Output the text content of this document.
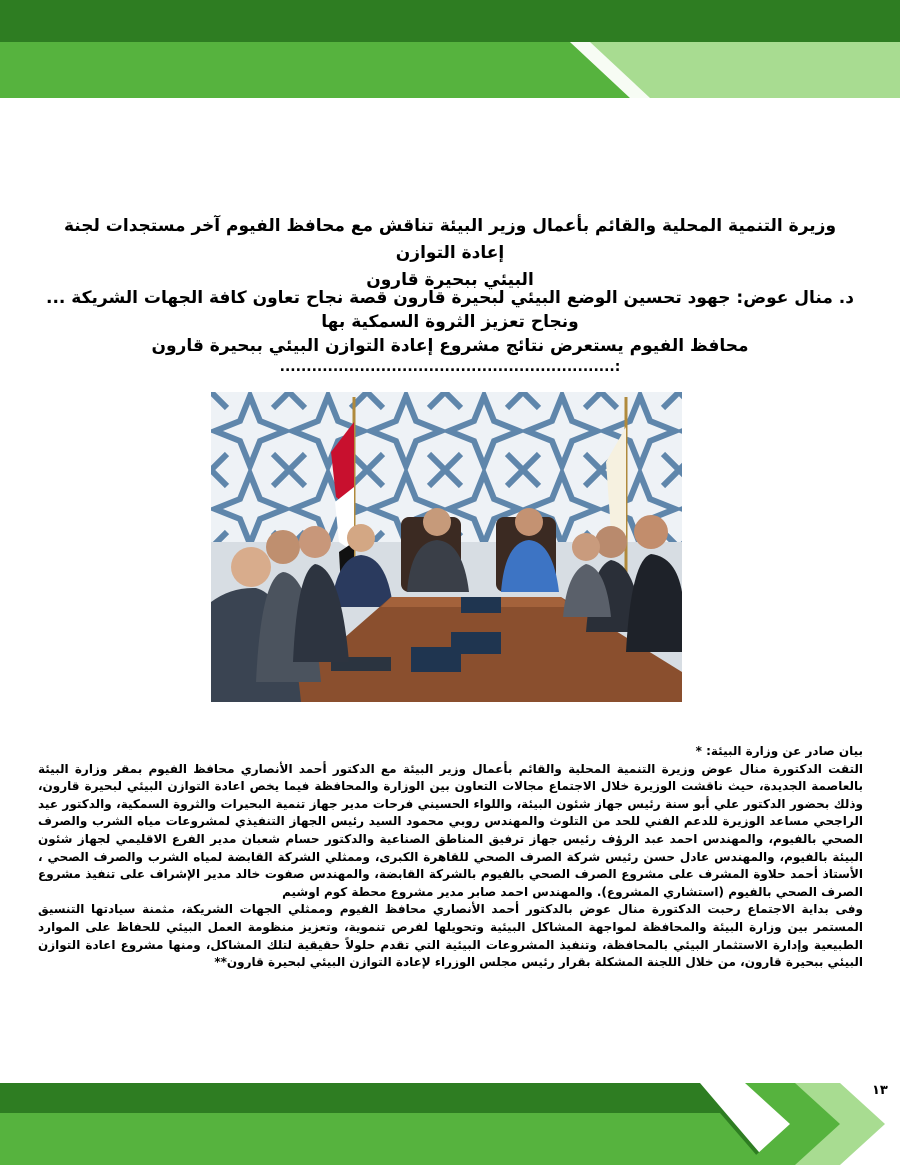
وزيرة التنمية المحلية والقائم بأعمال وزير البيئة تناقش مع محافظ الفيوم آخر مستجدات لجنة إعادة التوازن
البيئي ببحيرة قارون
د. منال عوض: جهود تحسين الوضع البيئي لبحيرة قارون قصة نجاح تعاون كافة الجهات الشريكة ...
ونجاح تعزيز الثروة السمكية بها
محافظ الفيوم يستعرض نتائج مشروع إعادة التوازن البيئي ببحيرة قارون
:...............................................................

بيان صادر عن وزارة البيئة: *

التقت الدكتورة منال عوض وزيرة التنمية المحلية والقائم بأعمال وزير البيئة مع الدكتور أحمد الأنصاري محافظ الفيوم بمقر وزارة البيئة بالعاصمة الجديدة، حيث ناقشت الوزيرة خلال الاجتماع مجالات التعاون بين الوزارة والمحافظة فيما يخص اعادة التوازن البيئي لبحيرة قارون، وذلك بحضور الدكتور علي أبو سنة رئيس جهاز شئون البيئة، واللواء الحسيني فرحات مدير جهاز تنمية البحيرات والثروة السمكية، والدكتور عيد الراجحي مساعد الوزيرة للدعم الفني للحد من التلوث والمهندس روبي محمود السيد رئيس الجهاز التنفيذي لمشروعات مياه الشرب والصرف الصحي بالفيوم، والمهندس احمد عبد الرؤف رئيس جهاز ترفيق المناطق الصناعية والدكتور حسام شعبان مدير الفرع الاقليمي لجهاز شئون البيئة بالفيوم، والمهندس عادل حسن رئيس شركة الصرف الصحي للقاهرة الكبرى، وممثلي الشركة القابضة لمياه الشرب والصرف الصحي ، الأستاذ أحمد حلاوة المشرف على مشروع الصرف الصحي بالفيوم بالشركة القابضة، والمهندس صفوت خالد مدير الإشراف على تنفيذ مشروع الصرف الصحي بالفيوم (استشاري المشروع). والمهندس احمد صابر مدير مشروع محطة كوم اوشيم

وفى بداية الاجتماع رحبت الدكتورة منال عوض بالدكتور أحمد الأنصاري محافظ الفيوم وممثلي الجهات الشريكة، مثمنة سيادتها التنسيق المستمر بين وزارة البيئة والمحافظة لمواجهة المشاكل البيئية وتحويلها لفرص تنموية، وتعزيز منظومة العمل البيئي للحفاظ على الموارد الطبيعية وإدارة الاستثمار البيئي بالمحافظة، وتنفيذ المشروعات البيئية التي تقدم حلولاً حقيقية لتلك المشاكل، ومنها مشروع اعادة التوازن البيئي ببحيرة قارون، من خلال اللجنة المشكلة بقرار رئيس مجلس الوزراء لإعادة التوازن البيئي لبحيرة قارون**

١٣
